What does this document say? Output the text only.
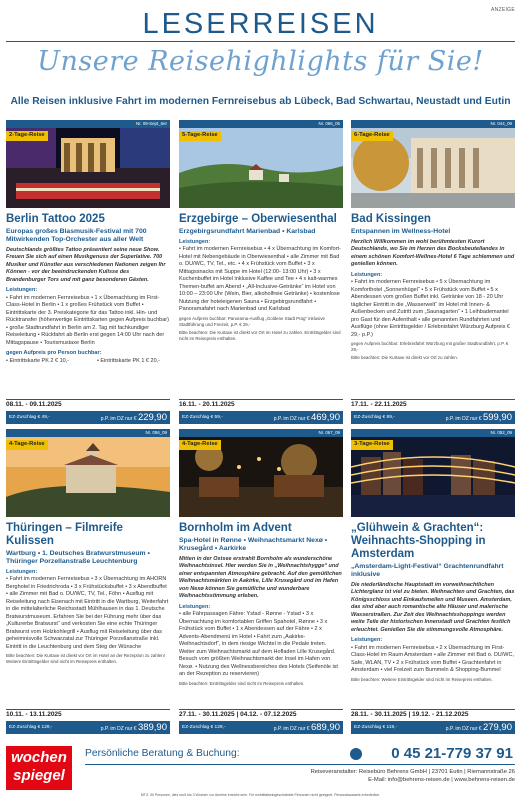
ANZEIGE
LESERREISEN
Unsere Reisehighlights für Sie!
Alle Reisen inklusive Fahrt im modernen Fernreisebus ab Lübeck, Bad Schwartau, Neustadt und Eutin
Nr. 09-Sept_6er
2-Tage-Reise
Berlin Tattoo 2025
Europas großes Blasmusik-Festival mit 700 Mitwirkenden Top-Orchester aus aller Welt

Deutschlands größtes Tattoo präsentiert seine neue Show. Freuen Sie sich auf einen Musikgenuss der Superlative. 700 Musiker und Künstler aus verschiedenen Nationen zeigen Ihr Können - vor der beeindruckenden Kulisse des Brandenburger Tors und mit ganz besonderen Gästen.

Leistungen:

• Fahrt im modernen Fernreisebus • 1 x Übernachtung im First-Class-Hotel in Berlin • 1 x großes Frühstück vom Buffet • Eintrittskarte der 3. Preiskategorie für das Tattoo inkl. Hin- und Rücktransfer (höherwertige Eintrittskarten gegen Aufpreis buchbar) • große Stadtrundfahrt in Berlin am 2. Tag mit fachkundiger Reiseleitung • Rückfahrt ab Berlin erst gegen 14:00 Uhr nach der Mittagspause • Tourismustaxe Berlin

gegen Aufpreis pro Person buchbar:

• Eintrittskarte PK 2 € 10,-	• Eintrittskarte PK 1 € 20,-
08.11. - 09.11.2025
EZ-Zuschlag € 49,-	p.P. im DZ nur € 229,90
Nr. 066_05
5-Tage-Reise
Erzgebirge – Oberwiesenthal
Erzgebirgsrundfahrt Marienbad • Karlsbad

Leistungen:

• Fahrt im modernen Fernreisebus • 4 x Übernachtung im Komfort-Hotel mit Nebengebäude in Oberwiesenthal • alle Zimmer mit Bad o. DU/WC, TV, Tel., etc. • 4 x Frühstück vom Buffet • 3 x Mittagssnacks mit Suppe im Hotel (12:00- 13:00 Uhr) • 3 x Kuchenbuffet im Hotel inklusive Kaffee und Tee • 4 x kalt-warmes Themen-buffet am Abend • „All-Inclusive-Getränke“ im Hotel von 10:00 – 23:00 Uhr (Wein, Bier, alkoholfreie Getränke) • kostenlose Nutzung der hoteleigenen Sauna • Erzgebirgsrundfahrt • Panoramafahrt nach Marienbad und Karlsbad

gegen Aufpreis buchbar: Panorama-Ausflug „Goldene Stadt Prag“ inklusive Stadtführung und Freizeit, p.P. € 29,-

Bitte beachten: Die Kurtaxe ist direkt vor Ort im Hotel zu zahlen. Eintrittsgelder sind nicht im Reisepreis enthalten.

16.11. - 20.11.2025
EZ-Zuschlag € 59,-	p.P. im DZ nur € 469,90
Nr. 044_09
6-Tage-Reise
Bad Kissingen
Entspannen im Wellness-Hotel

Herzlich Willkommen im wohl berühmtesten Kurort Deutschlands, wo Sie im Herzen des Bocksbeutellandes in einem schönen Komfort-Wellnes-Hotel 6 Tage schlemmen und genießen können.

Leistungen:

• Fahrt im modernen Fernreisebus • 5 x Übernachtung im Komforthotel „Sonnenhügel“ • 5 x Frühstück vom Buffet • 5 x Abendessen vom großen Buffet inkl. Getränke von 18 - 20 Uhr täglicher Eintritt in die „Wasserwelt“ im Hotel mit Innen- & Außenbecken und Zutritt zum „Saunagarten“ • 1 Leihbademantel pro Gast für den Aufenthalt • alle genannten Rundfahrten und Ausflüge (ohne Eintrittsgelder / Erlebnisfahrt Würzburg Aufpreis € 29,- p.P.)

gegen Aufpreis buchbar: Erlebnisfahrt Würzburg mit großer Stadtrundfahrt, p.P. € 29,-

Bitte beachten: Die Kurtaxe ist direkt vor Ort zu zahlen.

17.11. - 22.11.2025
EZ-Zuschlag € 89,-	p.P. im DZ nur € 599,90
Nr. 056_09
4-Tage-Reise
Thüringen – Filmreife Kulissen
Wartburg • 1. Deutsches Bratwurstmuseum • Thüringer Porzellanstraße Leuchtenburg

Leistungen:

• Fahrt im modernen Fernreisebus • 3 x Übernachtung im AHORN Berghotel in Friedrichroda • 3 x Frühstücksbuffet • 3 x Abendbuffet • alle Zimmer mit Bad o. DU/WC, TV, Tel., Föhn • Ausflug mit Reiseleitung nach Eisenach mit Eintritt in die Wartburg, Weiterfahrt in die mittelalterliche Reichsstadt Mühlhausen in das 1. Deutsche Bratwurstmuseum. Erfahren Sie bei der Führung mehr über das „Kulturerbe Bratwurst“ und verkosten Sie eine echte Thüringer Bratwurst vom Holzkohlegrill • Ausflug mit Reiseleitung über das geheimnisvolle Schwarzatal zur Thüringer Porzellanstraße inkl. Eintritt in die Leuchtenburg und dem Steg der Wünsche

Bitte beachten: Die Kurtaxe ist direkt vor Ort im Hotel an der Rezeption zu zahlen! Weitere Eintrittsgelder sind nicht im Reisepreis enthalten.

10.11. - 13.11.2025
EZ-Zuschlag € 129,-	p.P. im DZ nur € 389,90
Nr. 067_09
4-Tage-Reise
Bornholm im Advent
Spa-Hotel in Rønne • Weihnachtsmarkt Nexø • Krusegård • Aarkirke

Mitten in der Ostsee erstrahlt Bornholm als wunderschöne Weihnachtsinsel. Hier werden Sie in „Weihnachtshygge“ und einer entspannten Atmosphäre gebracht. Auf den gemütlichen Weihnachtsmärkten in Aakirke, Lille Krusegård und im Hafen von Nexø können Sie gemütliche und wunderbare Weihnachtsstimmung erleben.

Leistungen:

• alle Fährpassagen Fähre: Ystad - Rønne - Ystad • 3 x Übernachtung im komfortablen Griffen Spahotel, Rønne • 3 x Frühstück vom Buffet • 1 x Abendessen auf der Fähre • 2 x Advents-Abendmenü im Hotel • Fahrt zum „Aakirke-Weihnachtsdorf“, in dem riesige Wichtel in die Pedale treten. Weiter zum Weihnachtsmarkt auf dem Hofladen Lille Krusegård. Besuch vom größten Weihnachtsmarkt der Insel im Hafen von Nexø. • Nutzung des Wellnessbereiches des Hotels (Seifenöle ist an der Rezeption zu reservieren)

Bitte beachten: Eintrittsgelder sind nicht im Reisepreis enthalten.

27.11. - 30.11.2025 | 04.12. - 07.12.2025
EZ-Zuschlag € 129,-	p.P. im DZ nur € 689,90
Nr. 052_09
3-Tage-Reise
„Glühwein & Grachten“: Weihnachts-Shopping in Amsterdam
„Amsterdam-Light-Festival“ Grachtenrundfahrt inklusive

Die niederländische Hauptstadt im vorweihnachtlichen Lichterglanz ist viel zu bieten. Weihnachten und Grachten, das Königsschloss und Einkaufsmeilen und Museen. Amsterdam, das sind aber auch romantische alte Häuser und malerische Wasserstraßen. Zur Zeit des Weihnachtsshoppings werden weite Teile der historischen Innenstadt und Grachten festlich erleuchtet. Genießen Sie die stimmungsvolle Atmosphäre.

Leistungen:

• Fahrt im modernen Fernreisebus • 2 x Übernachtung im First-Class-Hotel im Raum Amsterdam • alle Zimmer mit Bad o. DU/WC, Safe, WLAN, TV • 2 x Frühstück vom Buffet • Grachtenfahrt in Amsterdam • viel Freizeit zum Bummeln & Shopping-Bummel

Bitte beachten: Weitere Eintrittsgelder sind nicht im Reisepreis enthalten.

28.11. - 30.11.2025 | 19.12. - 21.12.2025
EZ-Zuschlag € 119,-	p.P. im DZ nur € 279,90
wochen
spiegel
Persönliche Beratung & Buchung:	0 45 21-779 37 91
Reiseveranstalter: Reisebüro Behrens GmbH | 23701 Eutin | Riemannstraße 26
E-Mail: info@behrens-reisen.de | www.behrens-reisen.de
MTZ: 30 Personen, dies muß bis 3 Wochen vor Anreise erreicht sein. Für mobilitätseingeschränkte Personen nicht geeignet. Personalausweis erforderlich.
